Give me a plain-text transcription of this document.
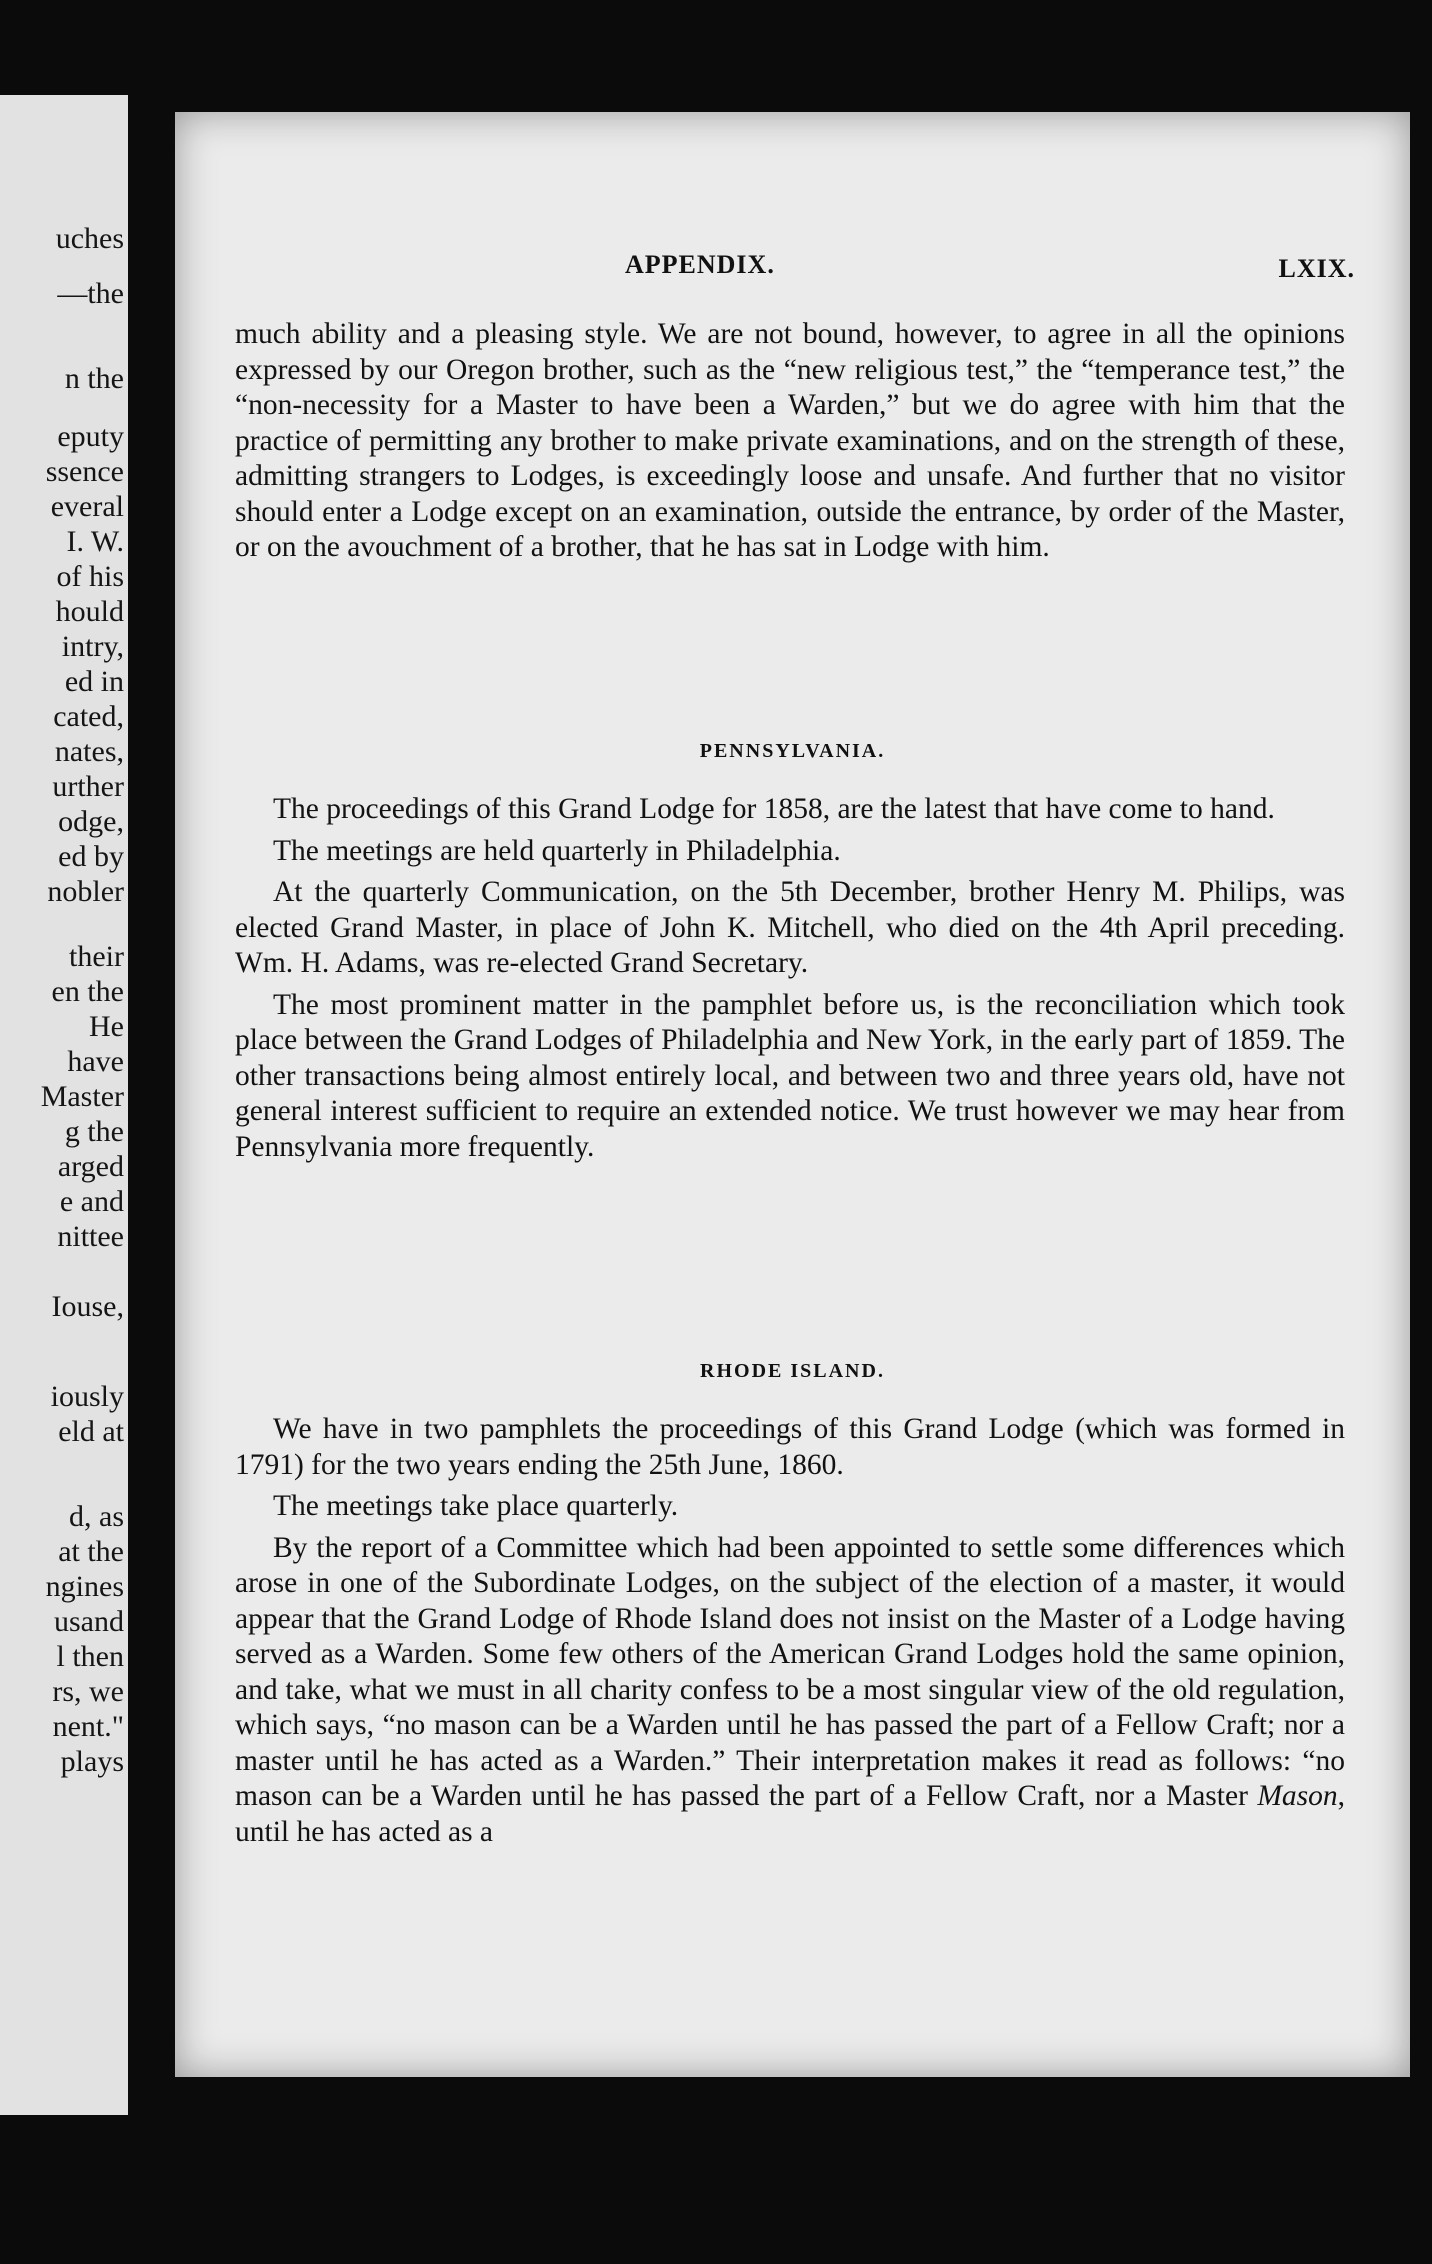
uches
—the
n the
eputy
ssence
everal
I. W.
of his
hould
intry,
ed in
cated,
nates,
urther
odge,
ed by
nobler
their
en the
He
have
Master
g the
arged
e and
nittee
Iouse,
iously
eld at
d, as
at the
ngines
usand
l then
rs, we
nent."
plays
APPENDIX.	LXIX.

much ability and a pleasing style. We are not bound, however, to agree in all the opinions expressed by our Oregon brother, such as the “new religious test,” the “temperance test,” the “non-necessity for a Master to have been a Warden,” but we do agree with him that the practice of permitting any brother to make private examinations, and on the strength of these, admitting strangers to Lodges, is exceedingly loose and unsafe. And further that no visitor should enter a Lodge except on an examination, outside the entrance, by order of the Master, or on the avouchment of a brother, that he has sat in Lodge with him.

PENNSYLVANIA.

The proceedings of this Grand Lodge for 1858, are the latest that have come to hand.

The meetings are held quarterly in Philadelphia.

At the quarterly Communication, on the 5th December, brother Henry M. Philips, was elected Grand Master, in place of John K. Mitchell, who died on the 4th April preceding. Wm. H. Adams, was re-elected Grand Secretary.

The most prominent matter in the pamphlet before us, is the reconciliation which took place between the Grand Lodges of Philadelphia and New York, in the early part of 1859. The other transactions being almost entirely local, and between two and three years old, have not general interest sufficient to require an extended notice. We trust however we may hear from Pennsylvania more frequently.

RHODE ISLAND.

We have in two pamphlets the proceedings of this Grand Lodge (which was formed in 1791) for the two years ending the 25th June, 1860.

The meetings take place quarterly.

By the report of a Committee which had been appointed to settle some differences which arose in one of the Subordinate Lodges, on the subject of the election of a master, it would appear that the Grand Lodge of Rhode Island does not insist on the Master of a Lodge having served as a Warden. Some few others of the American Grand Lodges hold the same opinion, and take, what we must in all charity confess to be a most singular view of the old regulation, which says, “no mason can be a Warden until he has passed the part of a Fellow Craft; nor a master until he has acted as a Warden.” Their interpretation makes it read as follows: “no mason can be a Warden until he has passed the part of a Fellow Craft, nor a Master Mason, until he has acted as a
